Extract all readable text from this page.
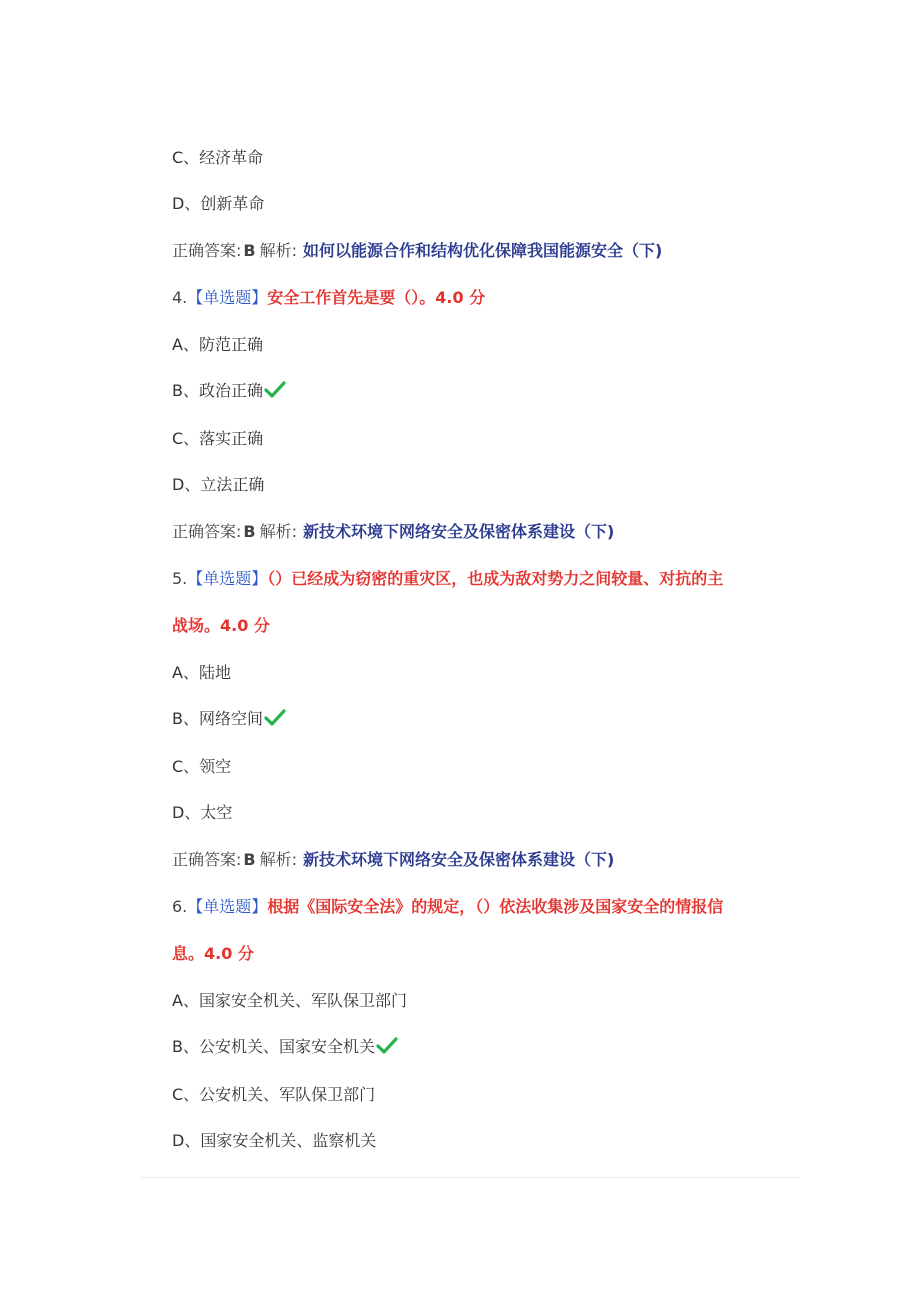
C、经济革命
D、创新革命
正确答案: B 解析: 如何以能源合作和结构优化保障我国能源安全（下)
4.【单选题】安全工作首先是要（）。4.0 分
A、防范正确
B、政治正确
C、落实正确
D、立法正确
正确答案: B 解析: 新技术环境下网络安全及保密体系建设（下)
5.【单选题】（）已经成为窃密的重灾区，也成为敌对势力之间较量、对抗的主
战场。4.0 分
A、陆地
B、网络空间
C、领空
D、太空
正确答案: B 解析: 新技术环境下网络安全及保密体系建设（下)
6.【单选题】根据《国际安全法》的规定，（）依法收集涉及国家安全的情报信
息。4.0 分
A、国家安全机关、军队保卫部门
B、公安机关、国家安全机关
C、公安机关、军队保卫部门
D、国家安全机关、监察机关
